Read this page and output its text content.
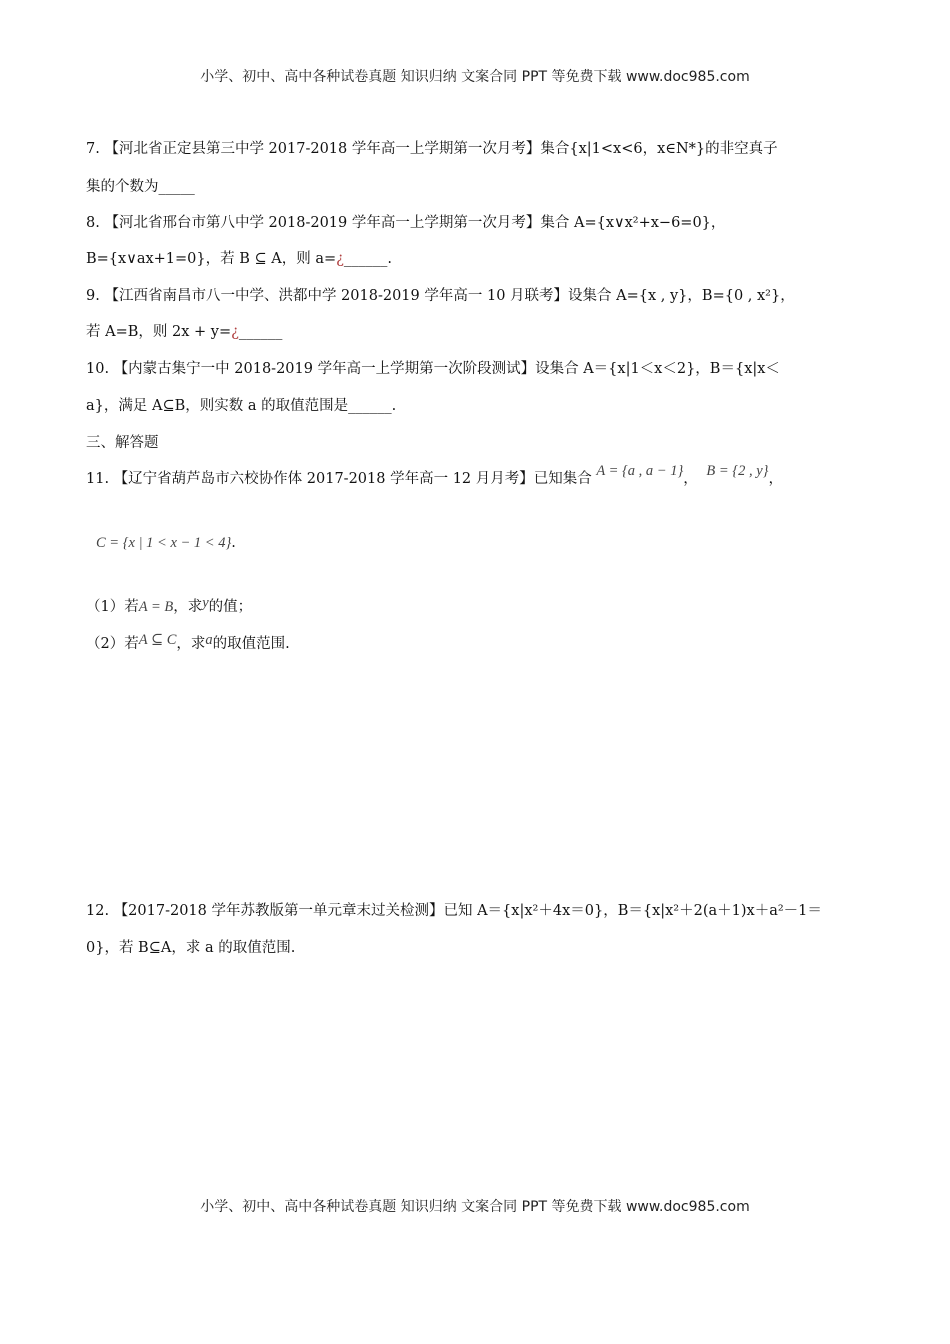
小学、初中、高中各种试卷真题 知识归纳 文案合同 PPT 等免费下载 www.doc985.com
7. 【河北省正定县第三中学 2017-2018 学年高一上学期第一次月考】集合{x|1<x<6，x∈N*}的非空真子
集的个数为_____
8. 【河北省邢台市第八中学 2018-2019 学年高一上学期第一次月考】集合 A={x∨x²+x−6=0}，
B={x∨ax+1=0}，若 B ⊆ A，则 a=¿______.
9. 【江西省南昌市八一中学、洪都中学 2018-2019 学年高一 10 月联考】设集合 A={x , y}，B={0 , x²}，
若 A=B，则 2x + y=¿______
10. 【内蒙古集宁一中 2018-2019 学年高一上学期第一次阶段测试】设集合 A＝{x|1＜x＜2}，B＝{x|x＜
a}，满足 A⊆B，则实数 a 的取值范围是______.
三、解答题
11. 【辽宁省葫芦岛市六校协作体 2017-2018 学年高一 12 月月考】已知集合 A = {a , a − 1}， B = {2 , y}，
C = {x | 1 < x − 1 < 4}.
（1）若A = B，求y的值；
（2）若A ⊆ C，求a的取值范围.
12. 【2017-2018 学年苏教版第一单元章末过关检测】已知 A＝{x|x²＋4x＝0}，B＝{x|x²＋2(a＋1)x＋a²－1＝
0}，若 B⊆A，求 a 的取值范围.
小学、初中、高中各种试卷真题 知识归纳 文案合同 PPT 等免费下载 www.doc985.com
